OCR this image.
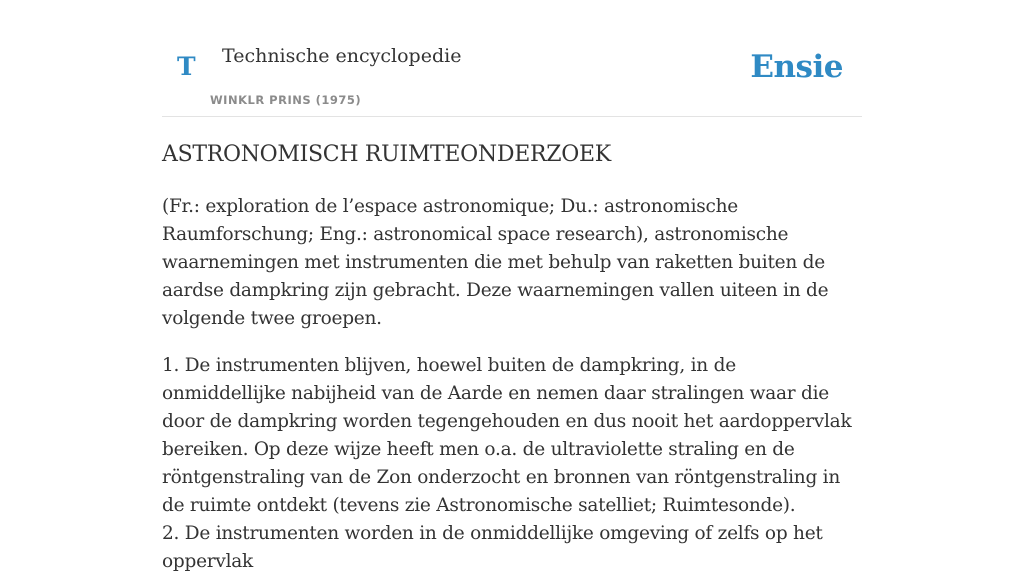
T Technische encyclopedie
WINKLR PRINS (1975)
Ensie
ASTRONOMISCH RUIMTEONDERZOEK

(Fr.: exploration de l’espace astronomique; Du.: astronomische Raumforschung; Eng.: astronomical space research), astronomische waarnemingen met instrumenten die met behulp van raketten buiten de aardse dampkring zijn gebracht. Deze waarnemingen vallen uiteen in de volgende twee groepen.

1. De instrumenten blijven, hoewel buiten de dampkring, in de onmiddellijke nabijheid van de Aarde en nemen daar stralingen waar die door de dampkring worden tegengehouden en dus nooit het aardoppervlak bereiken. Op deze wijze heeft men o.a. de ultraviolette straling en de röntgenstraling van de Zon onderzocht en bronnen van röntgenstraling in de ruimte ontdekt (tevens zie Astronomische satelliet; Ruimtesonde).

2. De instrumenten worden in de onmiddellijke omgeving of zelfs op het oppervlak
